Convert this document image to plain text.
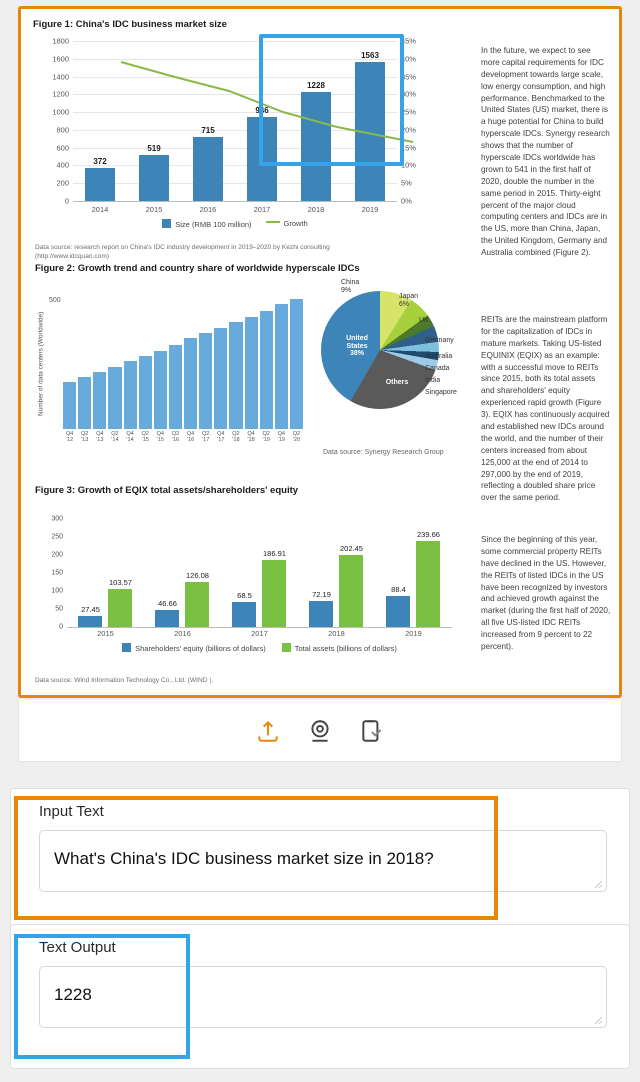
Figure 1: China's IDC business market size
1800
1600
1400
1200
1000
800
600
400
200
0
45%
40%
35%
30%
25%
20%
15%
10%
5%
0%
372
519
715
946
1228
1563
2014	2015	2016	2017	2018	2019
Size (RMB 100 million)	Growth
Data source: research report on China's IDC industry development in 2019–2020 by Kezhi consulting (http://www.idcquan.com)
Figure 2: Growth trend and country share of worldwide hyperscale IDCs
Number of data centers (Worldwide)
500
Q4 '12
Q2 '13
Q4 '13
Q2 '14
Q4 '14
Q2 '15
Q4 '15
Q2 '16
Q4 '16
Q2 '17
Q4 '17
Q2 '18
Q4 '18
Q2 '19
Q4 '19
Q2 '20
China
9%
Japan
6%
UK
Germany
Australia
Canada
India
Singapore
United
States
38%
Others
Data source: Synergy Research Group
Figure 3: Growth of EQIX total assets/shareholders' equity
300
250
200
150
100
50
0
27.45
103.57
46.66
126.08
68.5
186.91
72.19
202.45
88.4
239.66
2015	2016	2017	2018	2019
Shareholders' equity (billions of dollars)	Total assets (billions of dollars)
Data source: Wind Information Technology Co., Ltd. (WIND ).

In the future, we expect to see more capital requirements for IDC development towards large scale, low energy consumption, and high performance. Benchmarked to the United States (US) market, there is a huge potential for China to build hyperscale IDCs. Synergy research shows that the number of hyperscale IDCs worldwide has grown to 541 in the first half of 2020, double the number in the same period in 2015. Thirty-eight percent of the major cloud computing centers and IDCs are in the US, more than China, Japan, the United Kingdom, Germany and Australia combined (Figure 2).

REITs are the mainstream platform for the capitalization of IDCs in mature markets. Taking US-listed EQUINIX (EQIX) as an example: with a successful move to REITs since 2015, both its total assets and shareholders' equity experienced rapid growth (Figure 3). EQIX has continuously acquired and established new IDCs around the world, and the number of their centers increased from about 125,000 at the end of 2014 to 297,000 by the end of 2019, reflecting a doubled share price over the same period.

Since the beginning of this year, some commercial property REITs have declined in the US. However, the REITs of listed IDCs in the US have been recognized by investors and achieved growth against the market (during the first half of 2020, all five US-listed IDC REITs increased from 9 percent to 22 percent).

Input Text
What's China's IDC business market size in 2018?
Text Output
1228
